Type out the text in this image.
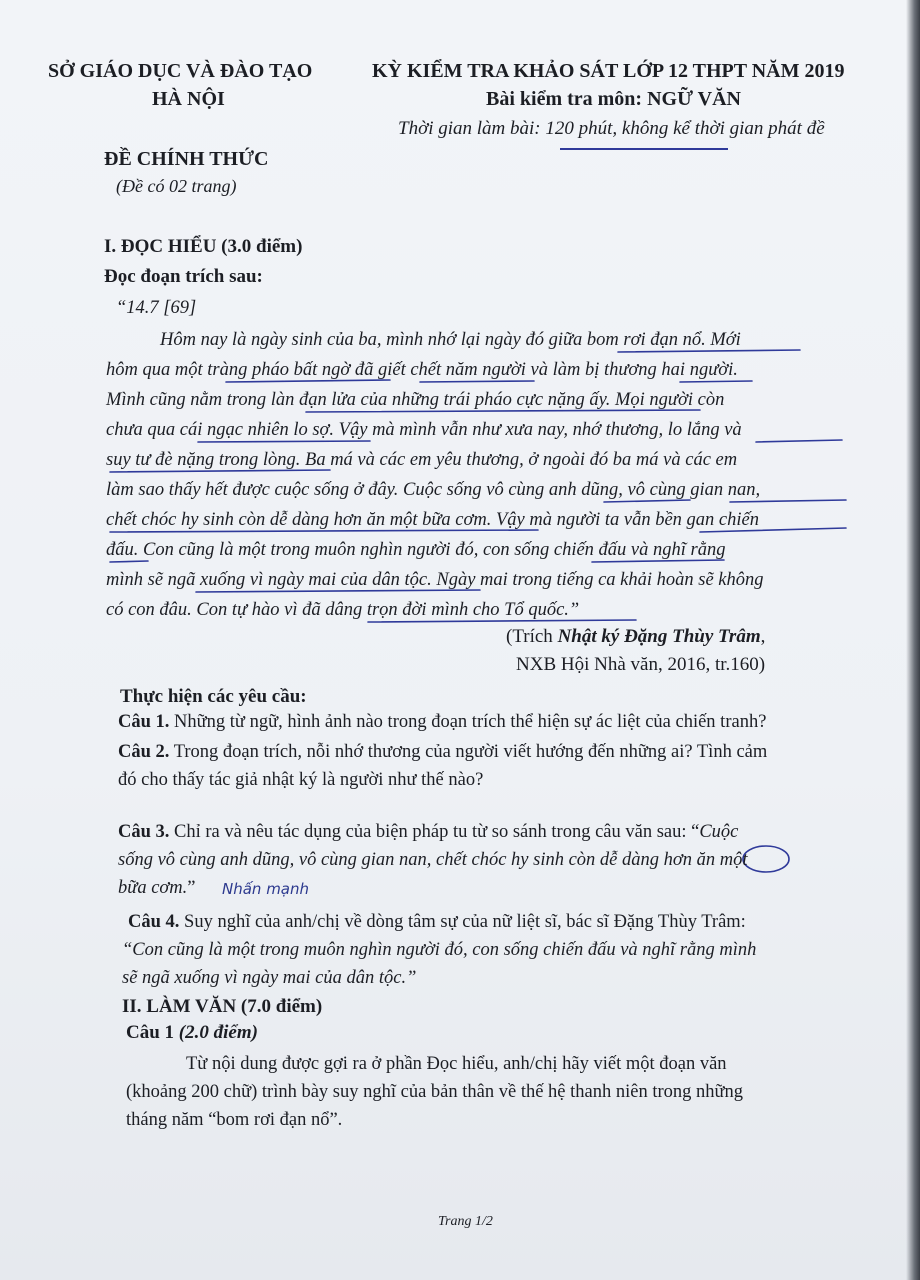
SỞ GIÁO DỤC VÀ ĐÀO TẠO
HÀ NỘI
KỲ KIỂM TRA KHẢO SÁT LỚP 12 THPT NĂM 2019
Bài kiểm tra môn: NGỮ VĂN
Thời gian làm bài: 120 phút, không kể thời gian phát đề
ĐỀ CHÍNH THỨC
(Đề có 02 trang)
I. ĐỌC HIỂU (3.0 điểm)
Đọc đoạn trích sau:
“14.7 [69]
Hôm nay là ngày sinh của ba, mình nhớ lại ngày đó giữa bom rơi đạn nổ. Mới
hôm qua một tràng pháo bất ngờ đã giết chết năm người và làm bị thương hai người.
Mình cũng nằm trong làn đạn lửa của những trái pháo cực nặng ấy. Mọi người còn
chưa qua cái ngạc nhiên lo sợ. Vậy mà mình vẫn như xưa nay, nhớ thương, lo lắng và
suy tư đè nặng trong lòng. Ba má và các em yêu thương, ở ngoài đó ba má và các em
làm sao thấy hết được cuộc sống ở đây. Cuộc sống vô cùng anh dũng, vô cùng gian nan,
chết chóc hy sinh còn dễ dàng hơn ăn một bữa cơm. Vậy mà người ta vẫn bền gan chiến
đấu. Con cũng là một trong muôn nghìn người đó, con sống chiến đấu và nghĩ rằng
mình sẽ ngã xuống vì ngày mai của dân tộc. Ngày mai trong tiếng ca khải hoàn sẽ không
có con đâu. Con tự hào vì đã dâng trọn đời mình cho Tổ quốc.”
(Trích Nhật ký Đặng Thùy Trâm,
NXB Hội Nhà văn, 2016, tr.160)
Thực hiện các yêu cầu:
Câu 1. Những từ ngữ, hình ảnh nào trong đoạn trích thể hiện sự ác liệt của chiến tranh?
Câu 2. Trong đoạn trích, nỗi nhớ thương của người viết hướng đến những ai? Tình cảm
đó cho thấy tác giả nhật ký là người như thế nào?
Câu 3. Chỉ ra và nêu tác dụng của biện pháp tu từ so sánh trong câu văn sau: “Cuộc
sống vô cùng anh dũng, vô cùng gian nan, chết chóc hy sinh còn dễ dàng hơn ăn một
bữa cơm.” Nhấn mạnh
Câu 4. Suy nghĩ của anh/chị về dòng tâm sự của nữ liệt sĩ, bác sĩ Đặng Thùy Trâm:
“Con cũng là một trong muôn nghìn người đó, con sống chiến đấu và nghĩ rằng mình
sẽ ngã xuống vì ngày mai của dân tộc.”
II. LÀM VĂN (7.0 điểm)
Câu 1 (2.0 điểm)
Từ nội dung được gợi ra ở phần Đọc hiểu, anh/chị hãy viết một đoạn văn
(khoảng 200 chữ) trình bày suy nghĩ của bản thân về thế hệ thanh niên trong những
tháng năm “bom rơi đạn nổ”.
Trang 1/2
